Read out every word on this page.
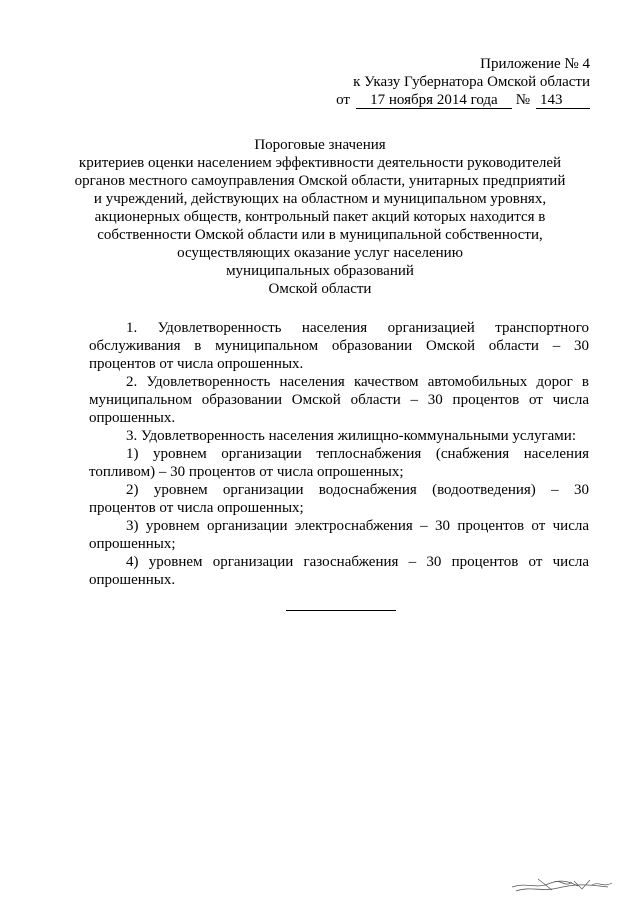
Приложение № 4
к Указу Губернатора Омской области
от 17 ноября 2014 года № 143
Пороговые значения
критериев оценки населением эффективности деятельности руководителей
органов местного самоуправления Омской области, унитарных предприятий
и учреждений, действующих на областном и муниципальном уровнях,
акционерных обществ, контрольный пакет акций которых находится в
собственности Омской области или в муниципальной собственности,
осуществляющих оказание услуг населению
муниципальных образований
Омской области

1. Удовлетворенность населения организацией транспортного обслуживания в муниципальном образовании Омской области – 30 процентов от числа опрошенных.

2. Удовлетворенность населения качеством автомобильных дорог в муниципальном образовании Омской области – 30 процентов от числа опрошенных.

3. Удовлетворенность населения жилищно-коммунальными услугами:

1) уровнем организации теплоснабжения (снабжения населения топливом) – 30 процентов от числа опрошенных;

2) уровнем организации водоснабжения (водоотведения) – 30 процентов от числа опрошенных;

3) уровнем организации электроснабжения – 30 процентов от числа опрошенных;

4) уровнем организации газоснабжения – 30 процентов от числа опрошенных.
